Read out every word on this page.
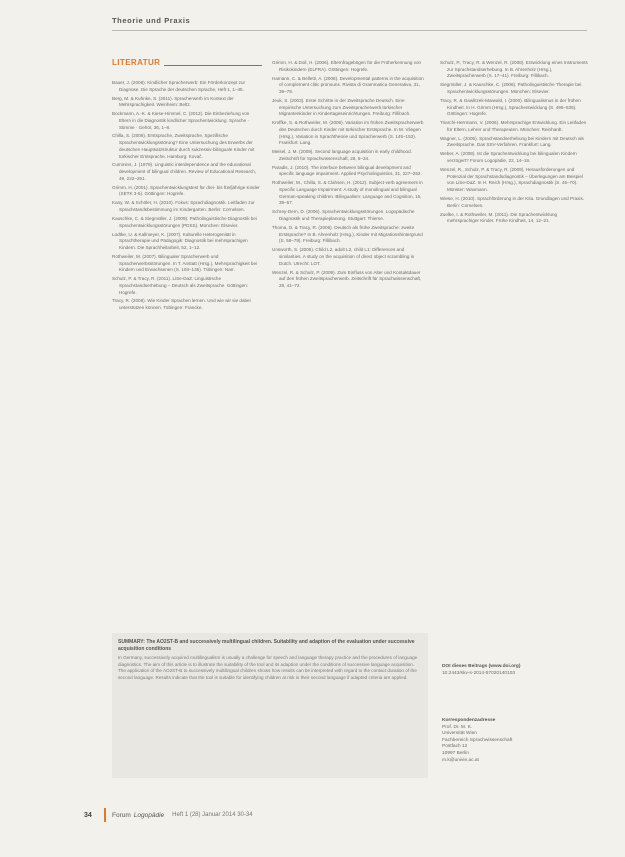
Theorie und Praxis
LITERATUR

Bauer, J. (2008). Kindlicher Spracherwerb: Ein Förderkonzept zur Diagnose. Die Sprache der deutschen Sprache, Heft 1, 1–45.

Berg, M. & Kuhnke, S. (2011). Spracherwerb im Kontext der Mehrsprachigkeit. Weinheim: Beltz.

Bockmann, A.-K. & Kiese-Himmel, C. (2012). Die Einbeziehung von Eltern in die Diagnostik kindlicher Sprachentwicklung. Sprache · Stimme · Gehör, 36, 1–8.

Chilla, S. (2008). Erstsprache, Zweitsprache, Spezifische Sprachentwicklungsstörung? Eine Untersuchung des Erwerbs der deutschen Hauptsatzstruktur durch sukzessiv-bilinguale Kinder mit türkischer Erstsprache. Hamburg: Kovač.

Cummins, J. (1979). Linguistic interdependence and the educational development of bilingual children. Review of Educational Research, 49, 222–251.

Grimm, H. (2001). Sprachentwicklungstest für drei- bis fünfjährige Kinder (SETK 3-5). Göttingen: Hogrefe.

Kany, W. & Schöler, H. (2010). Fokus: Sprachdiagnostik. Leitfaden zur Sprachstandsbestimmung im Kindergarten. Berlin: Cornelsen.

Kauschke, C. & Siegmüller, J. (2009). Patholinguistische Diagnostik bei Sprachentwicklungsstörungen (PDSS). München: Elsevier.

Lüdtke, U. & Kallmeyer, K. (2007). Kulturelle Heterogenität in Sprachtherapie und Pädagogik: Diagnostik bei mehrsprachigen Kindern. Die Sprachheilarbeit, 52, 1–12.

Rothweiler, M. (2007). Bilingualer Spracherwerb und Spracherwerbsstörungen. In T. Anstatt (Hrsg.), Mehrsprachigkeit bei Kindern und Erwachsenen (S. 103–135). Tübingen: Narr.

Schulz, P. & Tracy, R. (2011). LiSe-DaZ. Linguistische Sprachstandserhebung – Deutsch als Zweitsprache. Göttingen: Hogrefe.

Tracy, R. (2008). Wie Kinder Sprachen lernen. Und wie wir sie dabei unterstützen können. Tübingen: Francke.

Grimm, H. & Doil, H. (2006). Elternfragebögen für die Früherkennung von Risikokindern (ELFRA). Göttingen: Hogrefe.

Hamann, C. & Belletti, A. (2008). Developmental patterns in the acquisition of complement clitic pronouns. Rivista di Grammatica Generativa, 31, 39–78.

Jeuk, S. (2003). Erste Schritte in der Zweitsprache Deutsch. Eine empirische Untersuchung zum Zweitspracherwerb türkischer Migrantenkinder in Kindertageseinrichtungen. Freiburg: Fillibach.

Kroffke, S. & Rothweiler, M. (2006). Variation im frühen Zweitspracherwerb des Deutschen durch Kinder mit türkischer Erstsprache. In M. Vliegen (Hrsg.), Variation in Sprachtheorie und Spracherwerb (S. 145–153). Frankfurt: Lang.

Meisel, J. M. (2009). Second language acquisition in early childhood. Zeitschrift für Sprachwissenschaft, 28, 5–34.

Paradis, J. (2010). The interface between bilingual development and specific language impairment. Applied Psycholinguistics, 31, 227–252.

Rothweiler, M., Chilla, S. & Clahsen, H. (2012). Subject-verb agreement in Specific Language Impairment: A study of monolingual and bilingual German-speaking children. Bilingualism: Language and Cognition, 15, 39–57.

Schrey-Dern, D. (2006). Sprachentwicklungsstörungen. Logopädische Diagnostik und Therapieplanung. Stuttgart: Thieme.

Thoma, D. & Tracy, R. (2006). Deutsch als frühe Zweitsprache: zweite Erstsprache? In B. Ahrenholz (Hrsg.), Kinder mit Migrationshintergrund (S. 58–79). Freiburg: Fillibach.

Unsworth, S. (2005). Child L2, adult L2, child L1: Differences and similarities. A study on the acquisition of direct object scrambling in Dutch. Utrecht: LOT.

Wenzel, R. & Schulz, P. (2009). Zum Einfluss von Alter und Kontaktdauer auf den frühen Zweitspracherwerb. Zeitschrift für Sprachwissenschaft, 28, 41–72.

Schulz, P., Tracy, R. & Wenzel, R. (2008). Entwicklung eines Instruments zur Sprachstandserhebung. In B. Ahrenholz (Hrsg.), Zweitspracherwerb (S. 17–41). Freiburg: Fillibach.

Siegmüller, J. & Kauschke, C. (2006). Patholinguistische Therapie bei Sprachentwicklungsstörungen. München: Elsevier.

Tracy, R. & Gawlitzek-Maiwald, I. (2000). Bilingualismus in der frühen Kindheit. In H. Grimm (Hrsg.), Sprachentwicklung (S. 495–535). Göttingen: Hogrefe.

Triarchi-Herrmann, V. (2006). Mehrsprachige Entwicklung. Ein Leitfaden für Eltern, Lehrer und Therapeuten. München: Reinhardt.

Wagner, L. (2005). Sprachstandserhebung bei Kindern mit Deutsch als Zweitsprache. Das SSV-Verfahren. Frankfurt: Lang.

Weber, A. (2008). Ist die Sprachentwicklung bei bilingualen Kindern verzögert? Forum Logopädie, 22, 14–19.

Wenzel, R., Schulz, P. & Tracy, R. (2009). Herausforderungen und Potenzial der Sprachstandsdiagnostik – Überlegungen am Beispiel von LiSe-DaZ. In H. Reich (Hrsg.), Sprachdiagnostik (S. 45–70). Münster: Waxmann.

Wiese, H. (2010). Sprachförderung in der Kita. Grundlagen und Praxis. Berlin: Cornelsen.

Zuelke, I. & Rothweiler, M. (2011). Die Sprachentwicklung mehrsprachiger Kinder. Frühe Kindheit, 14, 12–21.

SUMMARY: The AO2ST-B and successively multilingual children. Suitability and adaption of the evaluation under successive acquisition conditions
In Germany, successively acquired multilingualism is usually a challenge for speech and language therapy practice and the procedures of language diagnostics. The aim of this article is to illustrate the suitability of the tool and its adaption under the conditions of successive language acquisition. The application of the AO2ST-B to successively multilingual children shows how results can be interpreted with regard to the contact duration of the second language. Results indicate that the tool is suitable for identifying children at risk in their second language if adapted criteria are applied.
DOI dieses Beitrags (www.doi.org)
10.2443/skv-s-2014-57020140103
Korrespondenzadresse
Prof. Dr. M. K.
Universität Wien
Fachbereich Sprachwissenschaft
Postfach 12
10997 Berlin
m.k@univie.ac.at
34	Forum Logopädie Heft 1 (28) Januar 2014 30-34
